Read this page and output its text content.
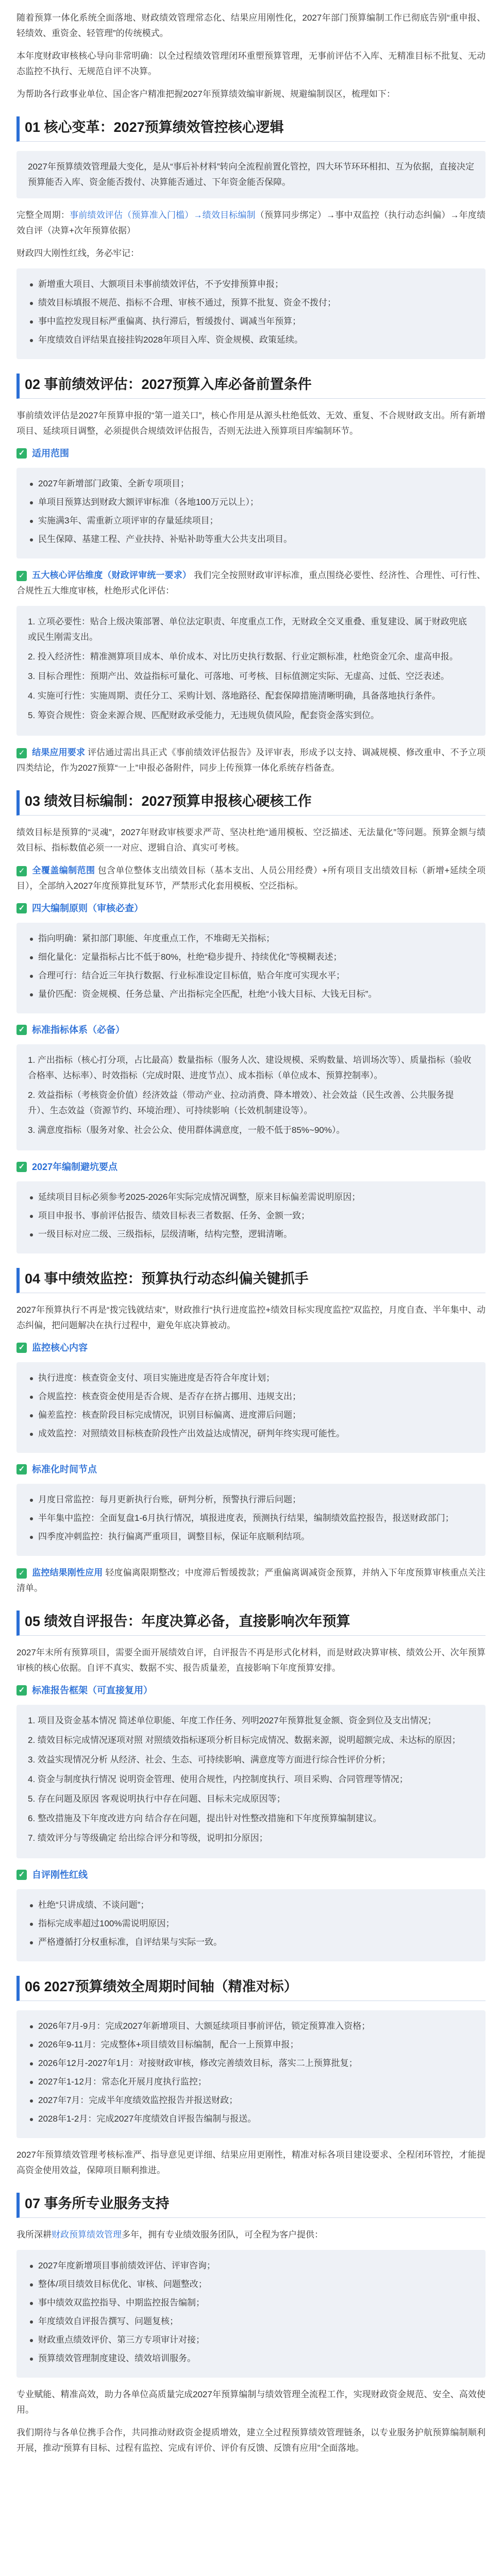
随着预算一体化系统全面落地、财政绩效管理常态化、结果应用刚性化，2027年部门预算编制工作已彻底告别“重申报、轻绩效、重资金、轻管理”的传统模式。

本年度财政审核核心导向非常明确：以全过程绩效管理闭环重塑预算管理，无事前评估不入库、无精准目标不批复、无动态监控不执行、无规范自评不决算。

为帮助各行政事业单位、国企客户精准把握2027年预算绩效编审新规、规避编制误区，梳理如下：

01 核心变革：2027预算绩效管控核心逻辑

2027年预算绩效管理最大变化，是从“事后补材料”转向全流程前置化管控，四大环节环环相扣、互为依据，直接决定预算能否入库、资金能否拨付、决算能否通过、下年资金能否保障。

完整全周期：事前绩效评估（预算准入门槛）→绩效目标编制（预算同步绑定）→事中双监控（执行动态纠偏）→年度绩效自评（决算+次年预算依据）

财政四大刚性红线，务必牢记：

新增重大项目、大额项目未事前绩效评估，不予安排预算申报；
绩效目标填报不规范、指标不合理、审核不通过，预算不批复、资金不拨付；
事中监控发现目标严重偏离、执行滞后，暂缓拨付、调减当年预算；
年度绩效自评结果直接挂钩2028年项目入库、资金规模、政策延续。
02 事前绩效评估：2027预算入库必备前置条件

事前绩效评估是2027年预算申报的“第一道关口”，核心作用是从源头杜绝低效、无效、重复、不合规财政支出。所有新增项目、延续项目调整，必须提供合规绩效评估报告，否则无法进入预算项目库编制环节。

✓ 适用范围
2027年新增部门政策、全新专项项目；
单项目预算达到财政大额评审标准（各地100万元以上）；
实施满3年、需重新立项评审的存量延续项目；
民生保障、基建工程、产业扶持、补贴补助等重大公共支出项目。

✓ 五大核心评估维度（财政评审统一要求） 我们完全按照财政审评标准，重点围绕必要性、经济性、合理性、可行性、合规性五大维度审核，杜绝形式化评估：

1. 立项必要性：贴合上级决策部署、单位法定职责、年度重点工作，无财政全交叉重叠、重复建设、属于财政兜底或民生刚需支出。
2. 投入经济性：精准测算项目成本、单价成本、对比历史执行数据、行业定额标准，杜绝资金冗余、虚高申报。
3. 目标合理性：预期产出、效益指标可量化、可落地、可考核、目标值测定实际、无虚高、过低、空泛表述。
4. 实施可行性：实施周期、责任分工、采购计划、落地路径、配套保障措施清晰明确，具备落地执行条件。
5. 筹资合规性：资金来源合规、匹配财政承受能力，无违规负债风险，配套资金落实到位。

✓ 结果应用要求 评估通过需出具正式《事前绩效评估报告》及评审表，形成予以支持、调减规模、修改重申、不予立项四类结论，作为2027预算“一上”申报必备附件，同步上传预算一体化系统存档备查。

03 绩效目标编制：2027预算申报核心硬核工作

绩效目标是预算的“灵魂”，2027年财政审核要求严苛、坚决杜绝“通用模板、空泛描述、无法量化”等问题。预算金额与绩效目标、指标数值必须一一对应、逻辑自洽、真实可考核。

✓ 全覆盖编制范围 包含单位整体支出绩效目标（基本支出、人员公用经费）+所有项目支出绩效目标（新增+延续全项目），全部纳入2027年度预算批复环节，严禁形式化套用模板、空泛指标。

✓ 四大编制原则（审核必查）
指向明确：紧扣部门职能、年度重点工作，不堆砌无关指标；
细化量化：定量指标占比不低于80%，杜绝“稳步提升、持续优化”等模糊表述；
合理可行：结合近三年执行数据、行业标准设定目标值，贴合年度可实现水平；
量价匹配：资金规模、任务总量、产出指标完全匹配，杜绝“小钱大目标、大钱无目标”。
✓ 标准指标体系（必备）
1. 产出指标（核心打分项，占比最高）数量指标（服务人次、建设规模、采购数量、培训场次等）、质量指标（验收合格率、达标率）、时效指标（完成时限、进度节点）、成本指标（单位成本、预算控制率）。
2. 效益指标（考核资金价值）经济效益（带动产业、拉动消费、降本增效）、社会效益（民生改善、公共服务提升）、生态效益（资源节约、环境治理）、可持续影响（长效机制建设等）。
3. 满意度指标（服务对象、社会公众、使用群体满意度，一般不低于85%~90%）。
✓ 2027年编制避坑要点
延续项目目标必须参考2025-2026年实际完成情况调整，原来目标偏差需说明原因；
项目申报书、事前评估报告、绩效目标表三者数据、任务、金额一致；
一级目标对应二级、三级指标，层级清晰，结构完整，逻辑清晰。
04 事中绩效监控：预算执行动态纠偏关键抓手

2027年预算执行不再是“拨完钱就结束”，财政推行“执行进度监控+绩效目标实现度监控”双监控，月度自查、半年集中、动态纠偏，把问题解决在执行过程中，避免年底决算被动。

✓ 监控核心内容
执行进度：核查资金支付、项目实施进度是否符合年度计划；
合规监控：核查资金使用是否合规、是否存在挤占挪用、违规支出；
偏差监控：核查阶段目标完成情况，识别目标偏离、进度滞后问题；
成效监控：对照绩效目标核查阶段性产出效益达成情况，研判年终实现可能性。
✓ 标准化时间节点
月度日常监控：每月更新执行台账，研判分析，预警执行滞后问题；
半年集中监控：全面复盘1-6月执行情况，填报进度表，预测执行结果，编制绩效监控报告，报送财政部门；
四季度冲刺监控：执行偏离严重项目，调整目标，保证年底顺利结项。

✓ 监控结果刚性应用 轻度偏离限期整改；中度滞后暂缓拨款；严重偏离调减资金预算，并纳入下年度预算审核重点关注清单。

05 绩效自评报告：年度决算必备，直接影响次年预算

2027年末所有预算项目，需要全面开展绩效自评，自评报告不再是形式化材料，而是财政决算审核、绩效公开、次年预算审核的核心依据。自评不真实、数据不实、报告质量差，直接影响下年度预算安排。

✓ 标准报告框架（可直接复用）
1. 项目及资金基本情况 简述单位职能、年度工作任务、列明2027年预算批复金额、资金到位及支出情况；
2. 绩效目标完成情况逐项对照 对照绩效指标逐项分析目标完成情况、数据来源，说明超额完成、未达标的原因；
3. 效益实现情况分析 从经济、社会、生态、可持续影响、满意度等方面进行综合性评价分析；
4. 资金与制度执行情况 说明资金管理、使用合规性，内控制度执行、项目采购、合同管理等情况；
5. 存在问题及原因 客观说明执行中存在问题、目标未完成原因等；
6. 整改措施及下年度改进方向 结合存在问题，提出针对性整改措施和下年度预算编制建议。
7. 绩效评分与等级确定 给出综合评分和等级，说明扣分原因；
✓ 自评刚性红线
杜绝“只讲成绩、不谈问题”；
指标完成率超过100%需说明原因；
严格遵循打分权重标准，自评结果与实际一致。
06 2027预算绩效全周期时间轴（精准对标）
2026年7月-9月：完成2027年新增项目、大额延续项目事前评估，锁定预算准入资格；
2026年9-11月：完成整体+项目绩效目标编制，配合一上预算申报；
2026年12月-2027年1月：对接财政审核，修改完善绩效目标，落实二上预算批复；
2027年1-12月：常态化开展月度执行监控；
2027年7月：完成半年度绩效监控报告并报送财政；
2028年1-2月：完成2027年度绩效自评报告编制与报送。

2027年预算绩效管理考核标准严、指导意见更详细、结果应用更刚性，精准对标各项目建设要求、全程闭环管控，才能提高资金使用效益，保障项目顺利推进。

07 事务所专业服务支持

我所深耕财政预算绩效管理多年，拥有专业绩效服务团队，可全程为客户提供：

2027年度新增项目事前绩效评估、评审咨询；
整体/项目绩效目标优化、审核、问题整改；
事中绩效双监控指导、中期监控报告编制；
年度绩效自评报告撰写、问题复核；
财政重点绩效评价、第三方专项审计对接；
预算绩效管理制度建设、绩效培训服务。

专业赋能、精准高效，助力各单位高质量完成2027年预算编制与绩效管理全流程工作，实现财政资金规范、安全、高效使用。

我们期待与各单位携手合作，共同推动财政资金提质增效，建立全过程预算绩效管理链条，以专业服务护航预算编制顺利开展，推动“预算有目标、过程有监控、完成有评价、评价有反馈、反馈有应用”全面落地。
